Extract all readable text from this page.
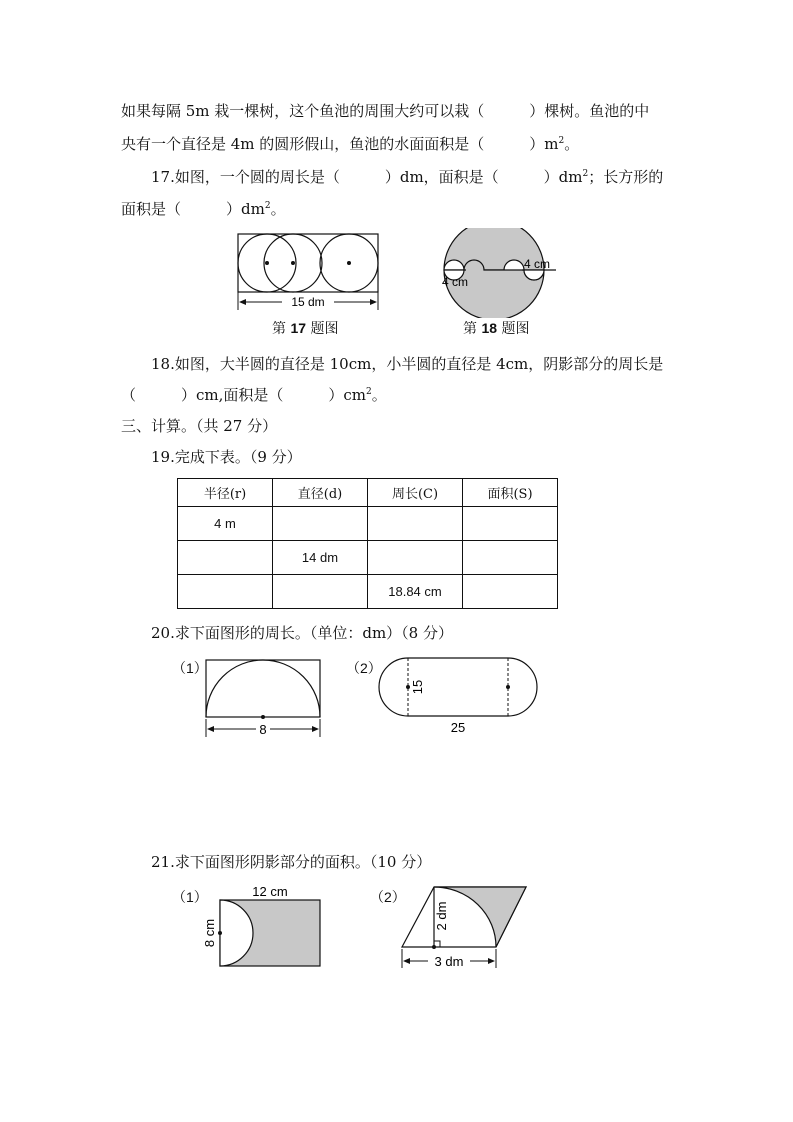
如果每隔 5m 栽一棵树，这个鱼池的周围大约可以栽（　　　）棵树。鱼池的中
央有一个直径是 4m 的圆形假山，鱼池的水面面积是（　　　）$m^2$。
17.如图，一个圆的周长是（　　　）dm，面积是（　　　）$dm^2$；长方形的
面积是（　　　）$dm^2$。
15 dm
第 17 题图
4 cm
4 cm
第 18 题图
18.如图，大半圆的直径是 10cm，小半圆的直径是 4cm，阴影部分的周长是
（　　　）cm,面积是（　　　）$cm^2$。
三、计算。（共 27 分）
19.完成下表。（9 分）
半径(r)	直径(d)	周长(C)	面积(S)
4 m			
	14 dm		
		18.84 cm	
20.求下面图形的周长。（单位：dm）（8 分）
（1）
8
（2）
15
25
21.求下面图形阴影部分的面积。（10 分）
（1）	12 cm
8 cm
（2）
2 dm
3 dm
